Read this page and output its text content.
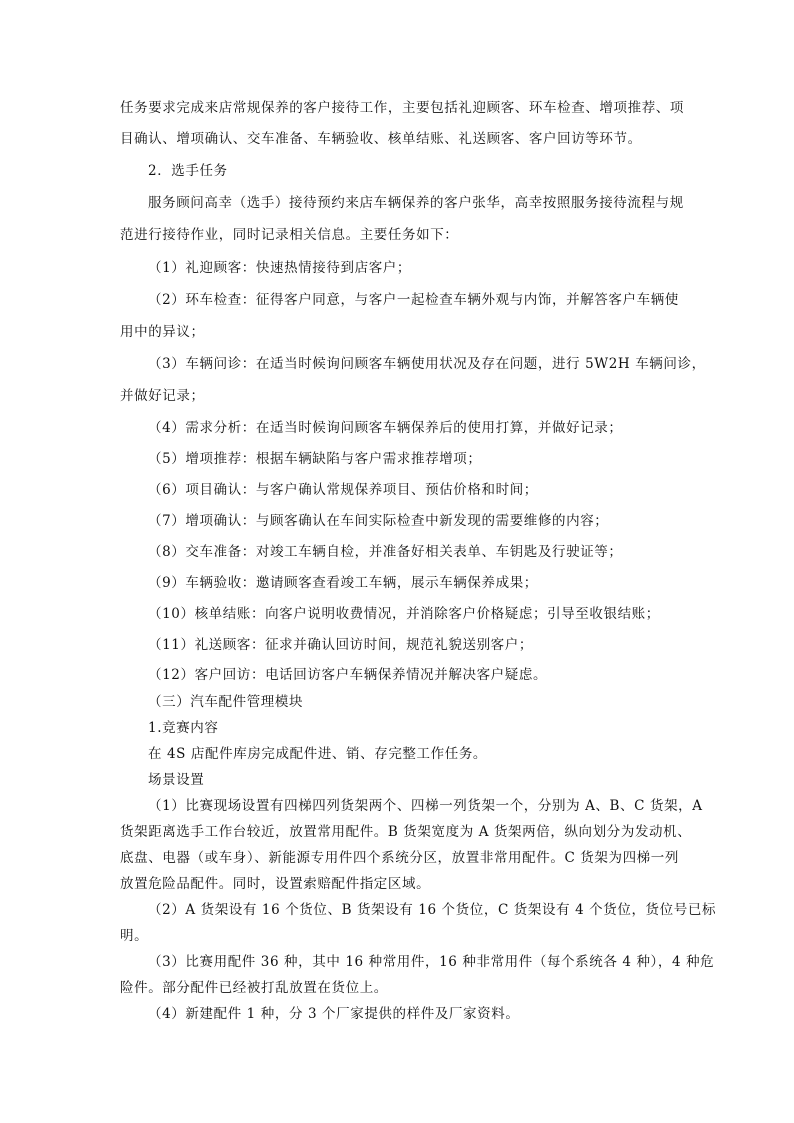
任务要求完成来店常规保养的客户接待工作，主要包括礼迎顾客、环车检查、增项推荐、项
目确认、增项确认、交车准备、车辆验收、核单结账、礼送顾客、客户回访等环节。
2．选手任务
服务顾问高幸（选手）接待预约来店车辆保养的客户张华，高幸按照服务接待流程与规
范进行接待作业，同时记录相关信息。主要任务如下：
（1）礼迎顾客：快速热情接待到店客户；
（2）环车检查：征得客户同意，与客户一起检查车辆外观与内饰，并解答客户车辆使
用中的异议；
（3）车辆问诊：在适当时候询问顾客车辆使用状况及存在问题，进行 5W2H 车辆问诊，
并做好记录；
（4）需求分析：在适当时候询问顾客车辆保养后的使用打算，并做好记录；
（5）增项推荐：根据车辆缺陷与客户需求推荐增项；
（6）项目确认：与客户确认常规保养项目、预估价格和时间；
（7）增项确认：与顾客确认在车间实际检查中新发现的需要维修的内容；
（8）交车准备：对竣工车辆自检，并准备好相关表单、车钥匙及行驶证等；
（9）车辆验收：邀请顾客查看竣工车辆，展示车辆保养成果；
（10）核单结账：向客户说明收费情况，并消除客户价格疑虑；引导至收银结账；
（11）礼送顾客：征求并确认回访时间，规范礼貌送别客户；
（12）客户回访：电话回访客户车辆保养情况并解决客户疑虑。
（三）汽车配件管理模块
1.竞赛内容
在 4S 店配件库房完成配件进、销、存完整工作任务。
场景设置
（1）比赛现场设置有四梯四列货架两个、四梯一列货架一个，分别为 A、B、C 货架，A
货架距离选手工作台较近，放置常用配件。B 货架宽度为 A 货架两倍，纵向划分为发动机、
底盘、电器（或车身）、新能源专用件四个系统分区，放置非常用配件。C 货架为四梯一列
放置危险品配件。同时，设置索赔配件指定区域。
（2）A 货架设有 16 个货位、B 货架设有 16 个货位，C 货架设有 4 个货位，货位号已标
明。
（3）比赛用配件 36 种，其中 16 种常用件，16 种非常用件（每个系统各 4 种），4 种危
险件。部分配件已经被打乱放置在货位上。
（4）新建配件 1 种，分 3 个厂家提供的样件及厂家资料。
